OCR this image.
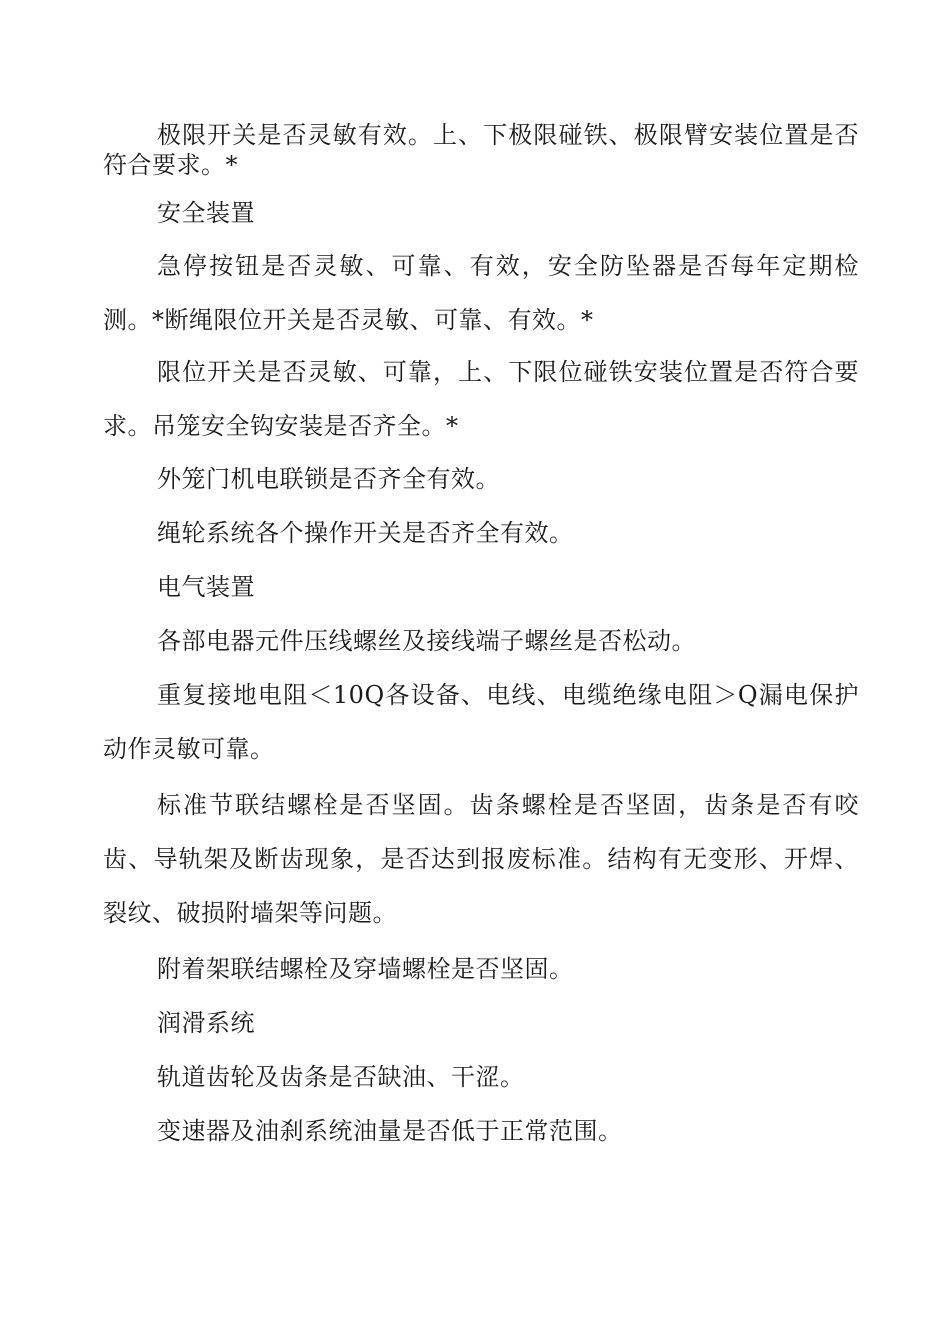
极限开关是否灵敏有效。上、下极限碰铁、极限臂安装位置是否符合要求。*

安全装置

急停按钮是否灵敏、可靠、有效，安全防坠器是否每年定期检测。*断绳限位开关是否灵敏、可靠、有效。*

限位开关是否灵敏、可靠，上、下限位碰铁安装位置是否符合要求。吊笼安全钩安装是否齐全。*

外笼门机电联锁是否齐全有效。

绳轮系统各个操作开关是否齐全有效。

电气装置

各部电器元件压线螺丝及接线端子螺丝是否松动。

重复接地电阻＜10Q各设备、电线、电缆绝缘电阻＞Q漏电保护动作灵敏可靠。

标准节联结螺栓是否坚固。齿条螺栓是否坚固，齿条是否有咬齿、导轨架及断齿现象，是否达到报废标准。结构有无变形、开焊、裂纹、破损附墙架等问题。

附着架联结螺栓及穿墙螺栓是否坚固。

润滑系统

轨道齿轮及齿条是否缺油、干涩。

变速器及油刹系统油量是否低于正常范围。
